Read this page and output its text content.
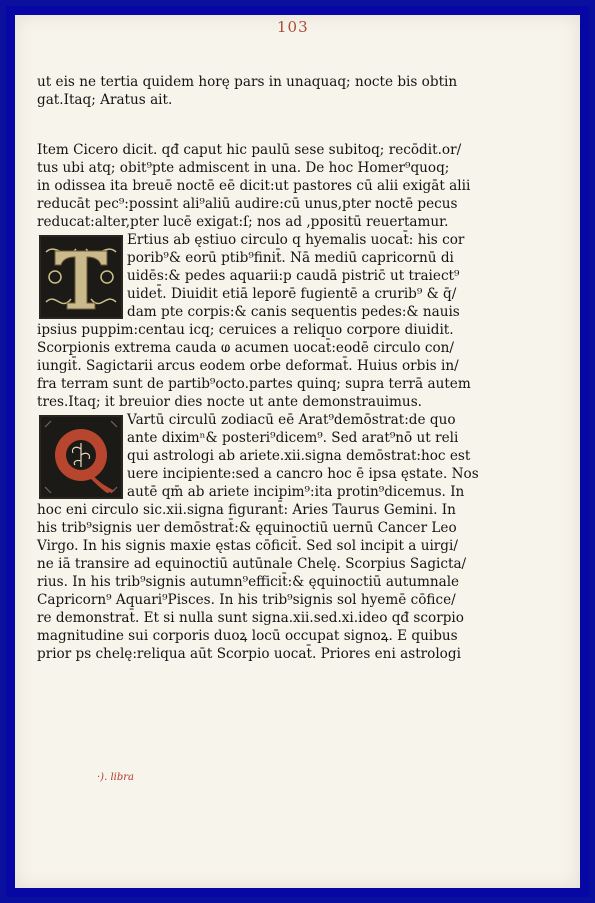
103
ut eis ne tertia quidem horę pars in unaquaq; nocte bis obtin
gat.Itaq; Aratus ait.
Item Cicero dicit. qđ caput hic paulū sese subitoq; recōdit.or/
tus ubi atq; obit⁹pte admiscent in una. De hoc Homer⁹quoq;
in odissea ita breuē noctē eē dicit:ut pastores cū alii exigāt alii
reducāt pec⁹:possint ali⁹aliū audire:cū unus,pter noctē pecus
reducat:alter,pter lucē exigat:ſ; nos ad ,ppositū reuertamur.
Ertius ab ęstiuo circulo q hyemalis uocat̄: his cor
porib⁹& eorū ptib⁹finit̄. Nā mediū capricornū di
uidēs:& pedes aquarii:p caudā pistric̄ ut traiect⁹
uidet̄. Diuidit etiā leporē fugientē a crurib⁹ & q̄/
dam pte corpis:& canis sequentis pedes:& nauis
ipsius puppim:centau icq; ceruices a reliquo corpore diuidit.
Scorpionis extrema cauda ⱷ acumen uocat̄:eodē circulo con/
iungit̄. Sagictarii arcus eodem orbe deformat̄. Huius orbis in/
fra terram sunt de partib⁹octo.partes quinq; supra terrā autem
tres.Itaq; it breuior dies nocte ut ante demonstrauimus.
Vartū circulū zodiacū eē Arat⁹demōstrat:de quo
ante diximⁿ& posteri⁹dicem⁹. Sed arat⁹nō ut reli
qui astrologi ab ariete.xii.signa demōstrat:hoc est
uere incipiente:sed a cancro hoc ē ipsa ęstate. Nos
autē qm̄ ab ariete incipim⁹:ita protin⁹dicemus. In
hoc eni circulo sic.xii.signa figurant̄: Aries Taurus Gemini. In
his trib⁹signis uer demōstrat̄:& ęquinoctiū uernū Cancer Leo
Virgo. In his signis maxie ęstas cōficit̄. Sed sol incipit a uirgi/
ne iā transire ad equinoctiū autūnale Chelę. Scorpius Sagicta/
rius. In his trib⁹signis autumn⁹efficit̄:& ęquinoctiū autumnale
Capricorn⁹ Aquari⁹Pisces. In his trib⁹signis sol hyemē cōfice/
re demonstrat̄. Et si nulla sunt signa.xii.sed.xi.ideo qđ scorpio
magnitudine sui corporis duoꝝ locū occupat signoꝝ. E quibus
prior ps chelę:reliqua aūt Scorpio uocat̄. Priores eni astrologi
·). libra
